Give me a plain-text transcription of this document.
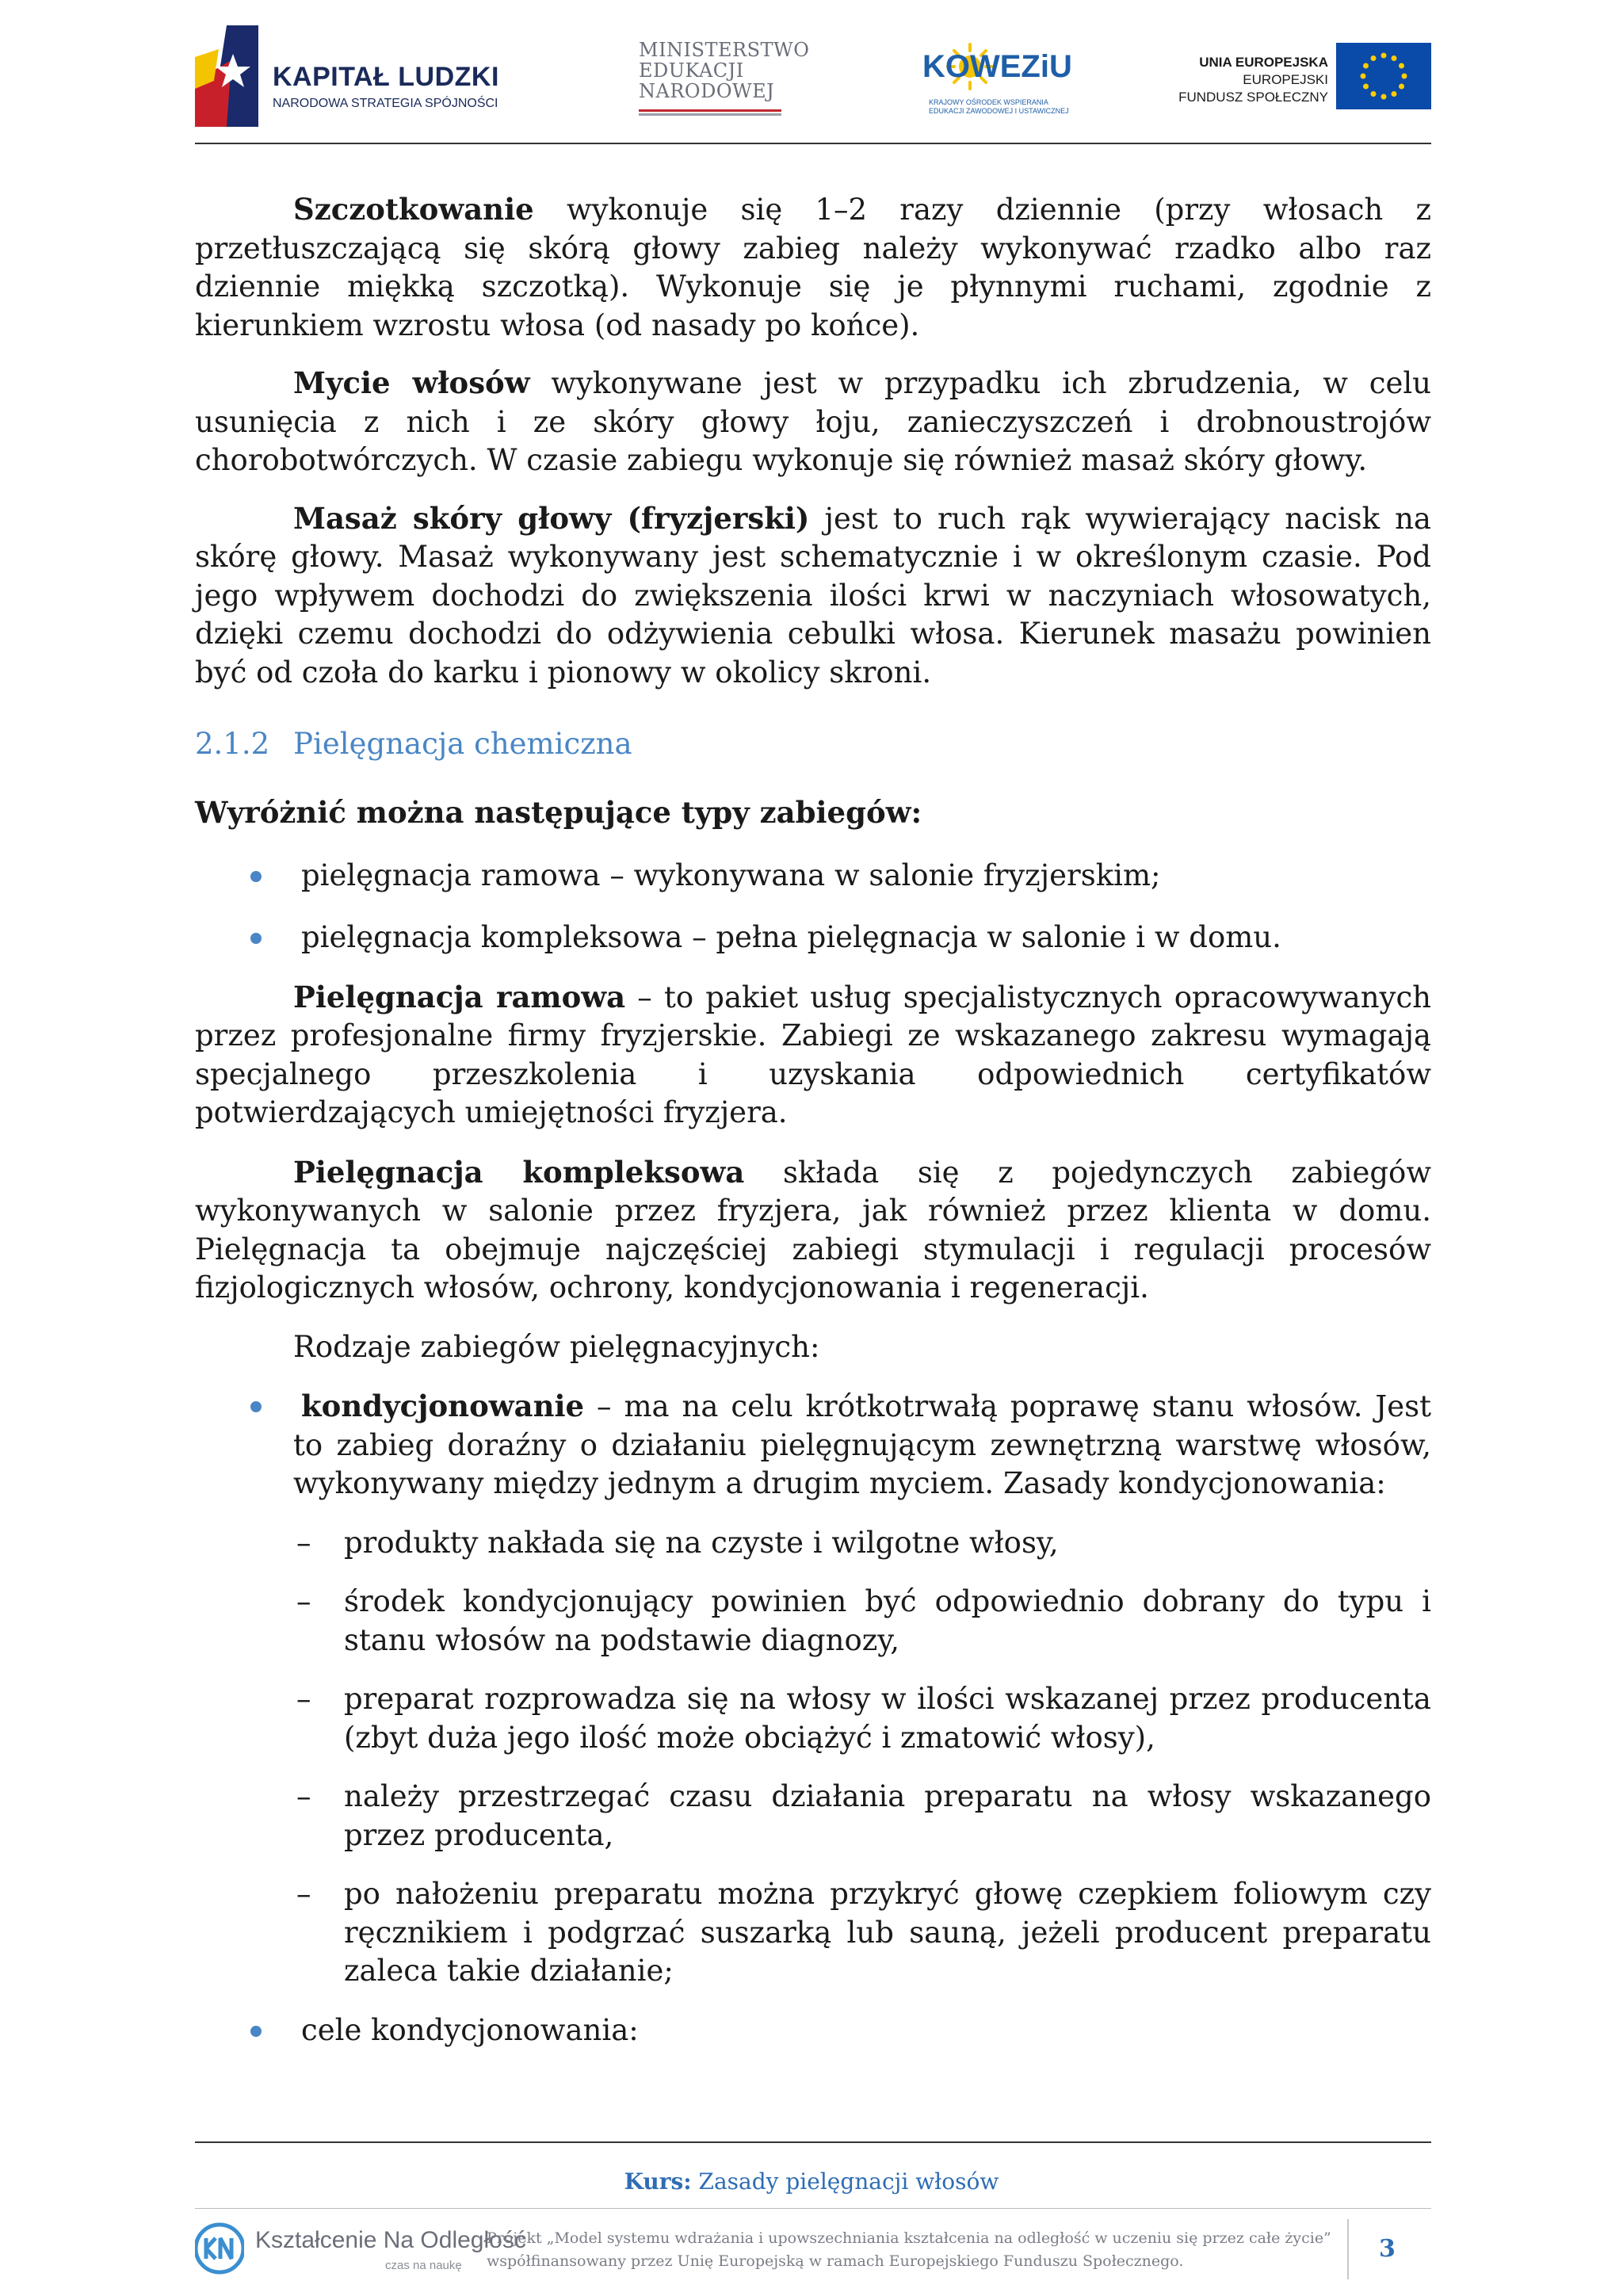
KAPITAŁ LUDZKI
NARODOWA STRATEGIA SPÓJNOŚCI
MINISTERSTWO
EDUKACJI
NARODOWEJ
KOWEZiU
KRAJOWY OŚRODEK WSPIERANIA
EDUKACJI ZAWODOWEJ I USTAWICZNEJ
UNIA EUROPEJSKA
EUROPEJSKI
FUNDUSZ SPOŁECZNY

Szczotkowanie wykonuje się 1–2 razy dziennie (przy włosach z przetłuszczającą się skórą głowy zabieg należy wykonywać rzadko albo raz dziennie miękką szczotką). Wykonuje się je płynnymi ruchami, zgodnie z kierunkiem wzrostu włosa (od nasady po końce).

Mycie włosów wykonywane jest w przypadku ich zbrudzenia, w celu usunięcia z nich i ze skóry głowy łoju, zanieczyszczeń i drobnoustrojów chorobotwórczych. W czasie zabiegu wykonuje się również masaż skóry głowy.

Masaż skóry głowy (fryzjerski) jest to ruch rąk wywierający nacisk na skórę głowy. Masaż wykonywany jest schematycznie i w określonym czasie. Pod jego wpływem dochodzi do zwiększenia ilości krwi w naczyniach włosowatych, dzięki czemu dochodzi do odżywienia cebulki włosa. Kierunek masażu powinien być od czoła do karku i pionowy w okolicy skroni.

2.1.2 Pielęgnacja chemiczna

Wyróżnić można następujące typy zabiegów:

pielęgnacja ramowa – wykonywana w salonie fryzjerskim;

pielęgnacja kompleksowa – pełna pielęgnacja w salonie i w domu.

Pielęgnacja ramowa – to pakiet usług specjalistycznych opracowywanych przez profesjonalne firmy fryzjerskie. Zabiegi ze wskazanego zakresu wymagają specjalnego przeszkolenia i uzyskania odpowiednich certyfikatów potwierdzających umiejętności fryzjera.

Pielęgnacja kompleksowa składa się z pojedynczych zabiegów wykonywanych w salonie przez fryzjera, jak również przez klienta w domu. Pielęgnacja ta obejmuje najczęściej zabiegi stymulacji i regulacji procesów fizjologicznych włosów, ochrony, kondycjonowania i regeneracji.

Rodzaje zabiegów pielęgnacyjnych:

kondycjonowanie – ma na celu krótkotrwałą poprawę stanu włosów. Jest to zabieg doraźny o działaniu pielęgnującym zewnętrzną warstwę włosów, wykonywany między jednym a drugim myciem. Zasady kondycjonowania:

– produkty nakłada się na czyste i wilgotne włosy,

– środek kondycjonujący powinien być odpowiednio dobrany do typu i stanu włosów na podstawie diagnozy,

– preparat rozprowadza się na włosy w ilości wskazanej przez producenta (zbyt duża jego ilość może obciążyć i zmatowić włosy),

– należy przestrzegać czasu działania preparatu na włosy wskazanego przez producenta,

– po nałożeniu preparatu można przykryć głowę czepkiem foliowym czy ręcznikiem i podgrzać suszarką lub sauną, jeżeli producent preparatu zaleca takie działanie;

cele kondycjonowania:

Kurs: Zasady pielęgnacji włosów
Kształcenie Na Odległość
czas na naukę
Projekt „Model systemu wdrażania i upowszechniania kształcenia na odległość w uczeniu się przez całe życie”
współfinansowany przez Unię Europejską w ramach Europejskiego Funduszu Społecznego.	3
